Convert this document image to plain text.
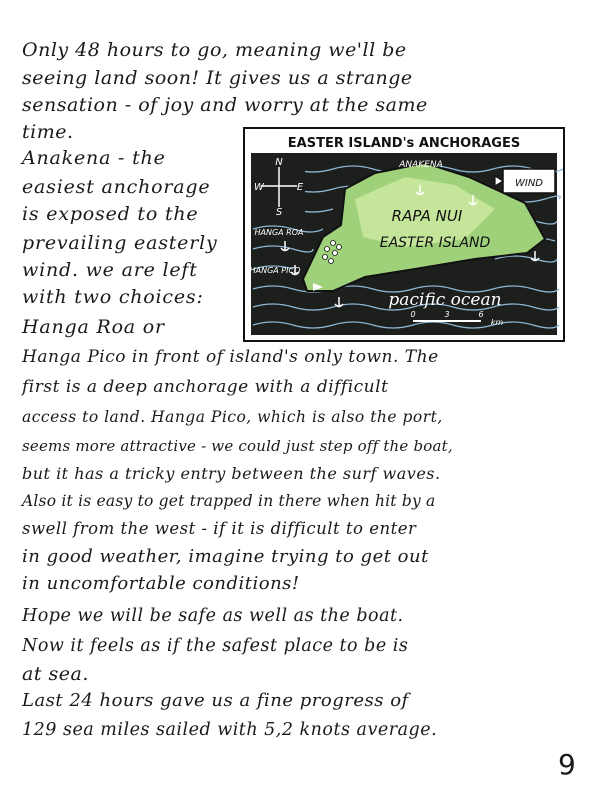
Only 48 hours to go, meaning we'll be
seeing land soon! It gives us a strange
sensation - of joy and worry at the same
time.
Anakena - the
easiest anchorage
is exposed to the
prevailing easterly
wind. we are left
with two choices:
Hanga Roa or
Hanga Pico in front of island's only town. The
first is a deep anchorage with a difficult
access to land. Hanga Pico, which is also the port,
seems more attractive - we could just step off the boat,
but it has a tricky entry between the surf waves.
Also it is easy to get trapped in there when hit by a
swell from the west - if it is difficult to enter
in good weather, imagine trying to get out
in uncomfortable conditions!
Hope we will be safe as well as the boat.
Now it feels as if the safest place to be is
at sea.
Last 24 hours gave us a fine progress of
129 sea miles sailed with 5,2 knots average.
EASTER ISLAND's ANCHORAGES
N
S
E
W
ANAKENA
WIND
RAPA NUI
EASTER ISLAND
HANGA ROA
HANGA PICO
pacific ocean
0	3	6
km
9
